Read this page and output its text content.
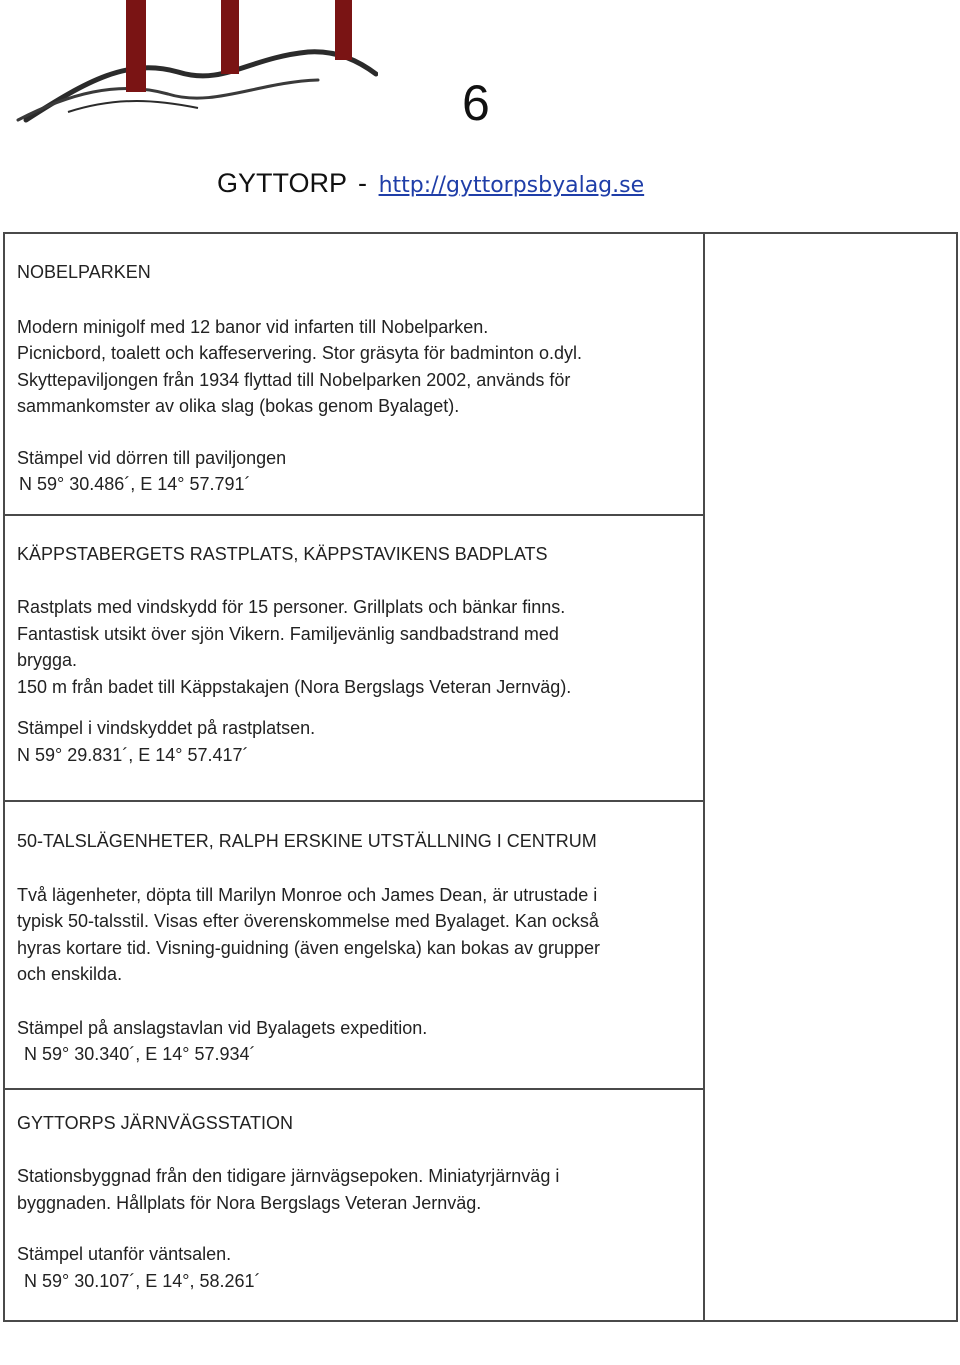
6
GYTTORP - http://gyttorpsbyalag.se

NOBELPARKEN

Modern minigolf med 12 banor vid infarten till Nobelparken.
Picnicbord, toalett och kaffeservering. Stor gräsyta för badminton o.dyl.
Skyttepaviljongen från 1934 flyttad till Nobelparken 2002, används för
sammankomster av olika slag (bokas genom Byalaget).

Stämpel vid dörren till paviljongen

N 59° 30.486´, E 14° 57.791´

KÄPPSTABERGETS RASTPLATS, KÄPPSTAVIKENS BADPLATS

Rastplats med vindskydd för 15 personer. Grillplats och bänkar finns.
Fantastisk utsikt över sjön Vikern. Familjevänlig sandbadstrand med
brygga.
150 m från badet till Käppstakajen (Nora Bergslags Veteran Jernväg).

Stämpel i vindskyddet på rastplatsen.

N 59° 29.831´, E 14° 57.417´

50-TALSLÄGENHETER, RALPH ERSKINE UTSTÄLLNING I CENTRUM

Två lägenheter, döpta till Marilyn Monroe och James Dean, är utrustade i
typisk 50-talsstil. Visas efter överenskommelse med Byalaget. Kan också
hyras kortare tid. Visning-guidning (även engelska) kan bokas av grupper
och enskilda.

Stämpel på anslagstavlan vid Byalagets expedition.

N 59° 30.340´, E 14° 57.934´

GYTTORPS JÄRNVÄGSSTATION

Stationsbyggnad från den tidigare järnvägsepoken. Miniatyrjärnväg i
byggnaden. Hållplats för Nora Bergslags Veteran Jernväg.

Stämpel utanför väntsalen.

N 59° 30.107´, E 14°, 58.261´
